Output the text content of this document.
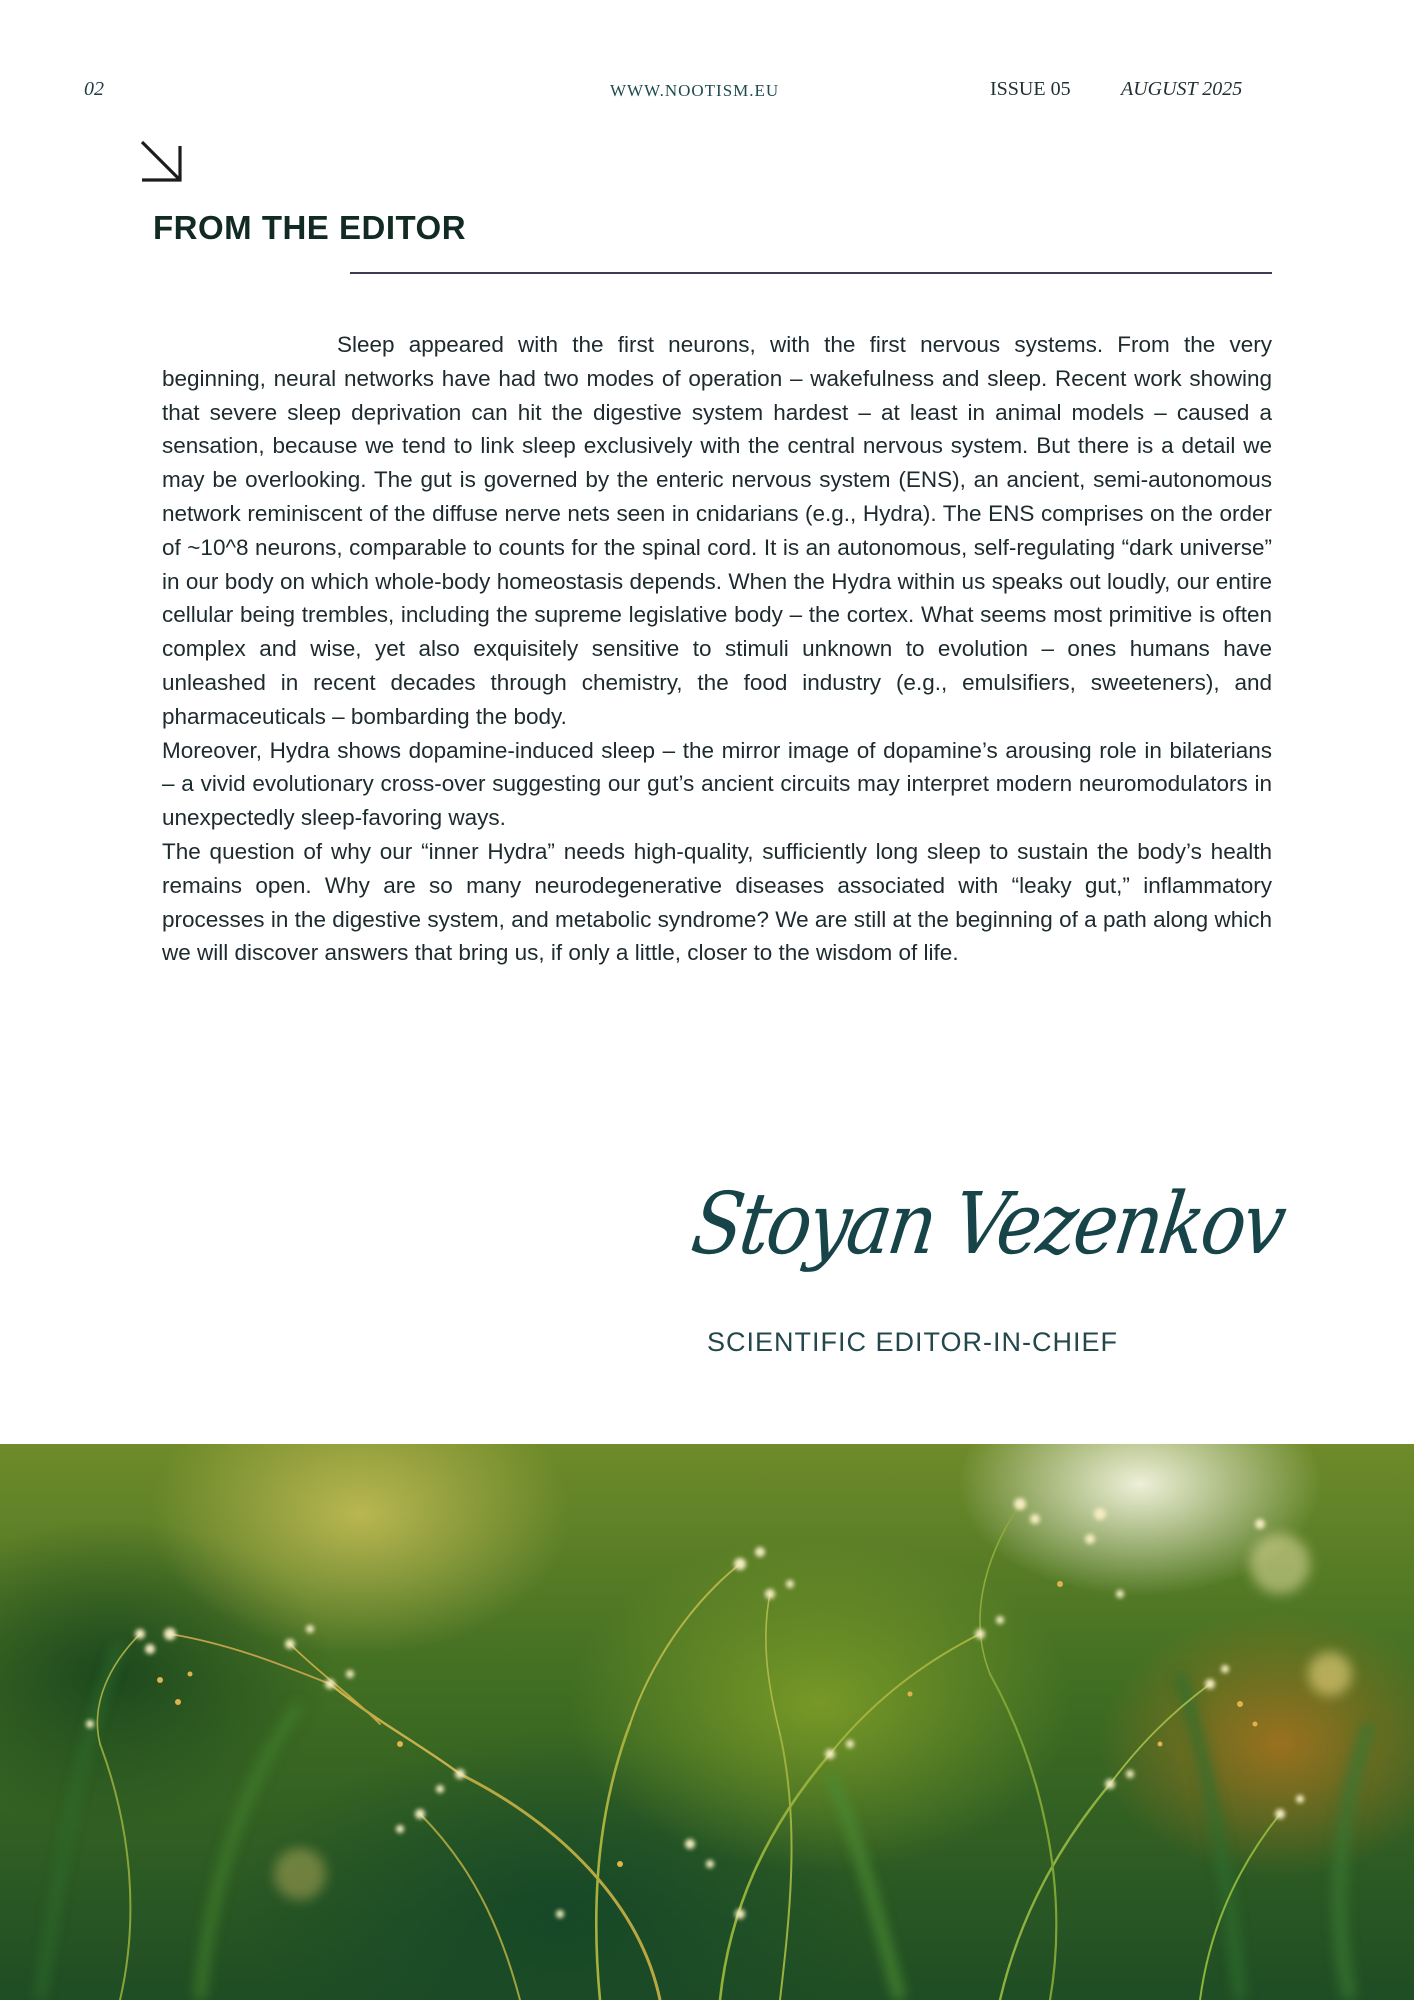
02	WWW.NOOTISM.EU	ISSUE 05	AUGUST 2025
FROM THE EDITOR

Sleep appeared with the first neurons, with the first nervous systems. From the very beginning, neural networks have had two modes of operation – wakefulness and sleep. Recent work showing that severe sleep deprivation can hit the digestive system hardest – at least in animal models – caused a sensation, because we tend to link sleep exclusively with the central nervous system. But there is a detail we may be overlooking. The gut is governed by the enteric nervous system (ENS), an ancient, semi-autonomous network reminiscent of the diffuse nerve nets seen in cnidarians (e.g., Hydra). The ENS comprises on the order of ~10^8 neurons, comparable to counts for the spinal cord. It is an autonomous, self-regulating “dark universe” in our body on which whole-body homeostasis depends. When the Hydra within us speaks out loudly, our entire cellular being trembles, including the supreme legislative body – the cortex. What seems most primitive is often complex and wise, yet also exquisitely sensitive to stimuli unknown to evolution – ones humans have unleashed in recent decades through chemistry, the food industry (e.g., emulsifiers, sweeteners), and pharmaceuticals – bombarding the body.

Moreover, Hydra shows dopamine-induced sleep – the mirror image of dopamine’s arousing role in bilaterians – a vivid evolutionary cross-over suggesting our gut’s ancient circuits may interpret modern neuromodulators in unexpectedly sleep-favoring ways.

The question of why our “inner Hydra” needs high-quality, sufficiently long sleep to sustain the body’s health remains open. Why are so many neurodegenerative diseases associated with “leaky gut,” inflammatory processes in the digestive system, and metabolic syndrome? We are still at the beginning of a path along which we will discover answers that bring us, if only a little, closer to the wisdom of life.

Stoyan Vezenkov
SCIENTIFIC EDITOR-IN-CHIEF
